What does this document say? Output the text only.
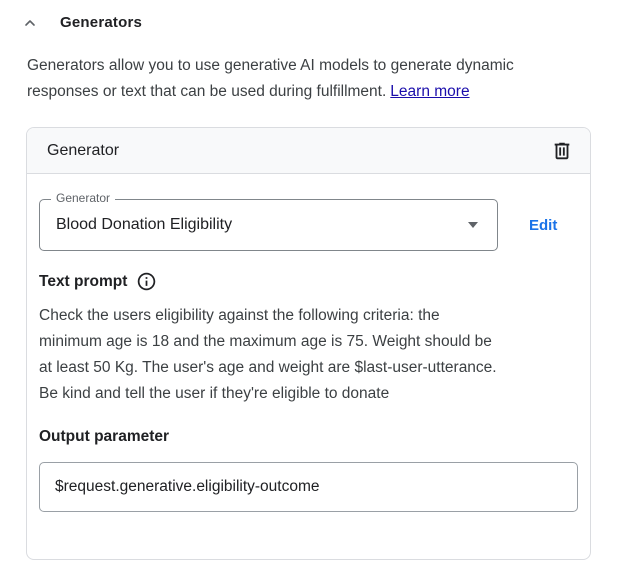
Generators

Generators allow you to use generative AI models to generate dynamic
responses or text that can be used during fulfillment. Learn more

Generator
Generator
Blood Donation Eligibility	Edit
Text prompt
Check the users eligibility against the following criteria: the
minimum age is 18 and the maximum age is 75. Weight should be
at least 50 Kg. The user's age and weight are $last-user-utterance.
Be kind and tell the user if they're eligible to donate
Output parameter
$request.generative.eligibility-outcome
